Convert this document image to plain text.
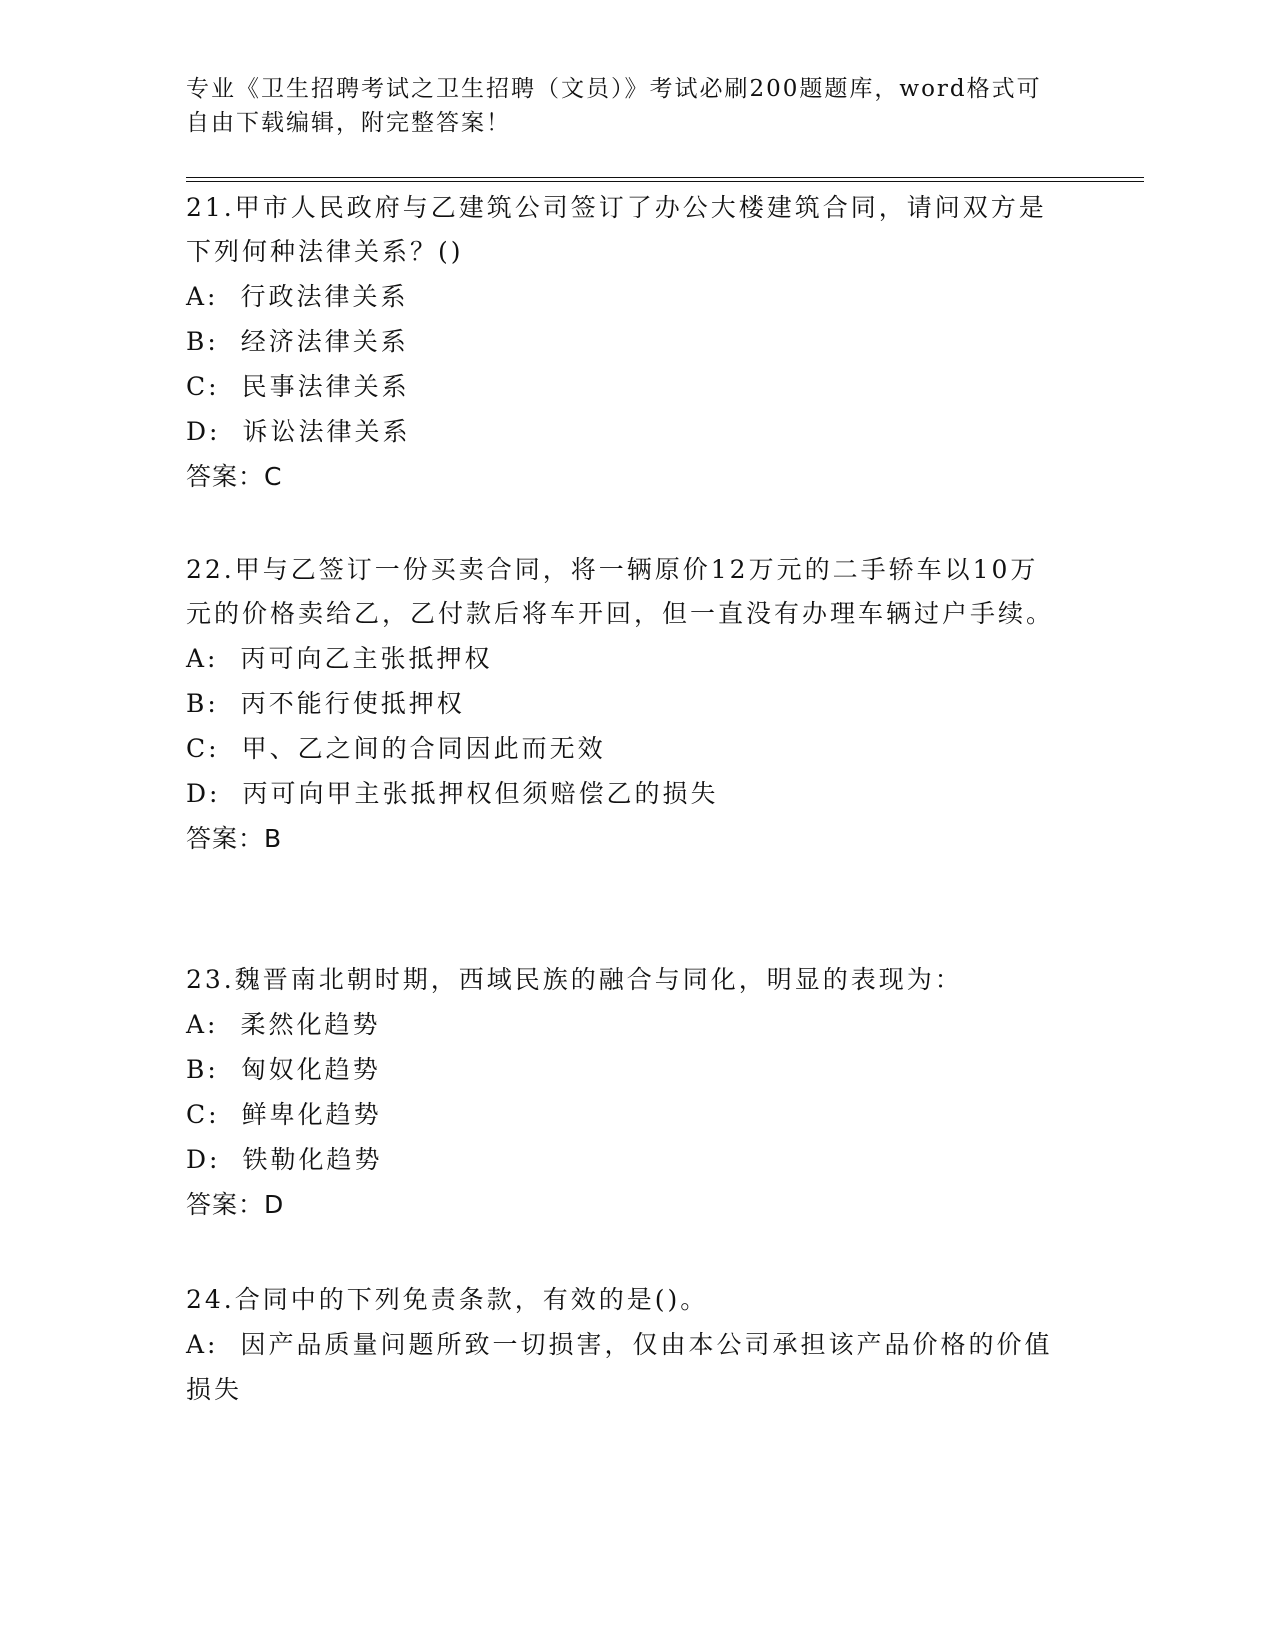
专业《卫生招聘考试之卫生招聘（文员）》考试必刷200题题库，word格式可自由下载编辑，附完整答案！

21.甲市人民政府与乙建筑公司签订了办公大楼建筑合同，请问双方是下列何种法律关系？()

A: 行政法律关系

B: 经济法律关系

C: 民事法律关系

D: 诉讼法律关系

答案：C

22.甲与乙签订一份买卖合同，将一辆原价12万元的二手轿车以10万元的价格卖给乙，乙付款后将车开回，但一直没有办理车辆过户手续。

A: 丙可向乙主张抵押权

B: 丙不能行使抵押权

C: 甲、乙之间的合同因此而无效

D: 丙可向甲主张抵押权但须赔偿乙的损失

答案：B

23.魏晋南北朝时期，西域民族的融合与同化，明显的表现为：

A: 柔然化趋势

B: 匈奴化趋势

C: 鲜卑化趋势

D: 铁勒化趋势

答案：D

24.合同中的下列免责条款，有效的是()。

A: 因产品质量问题所致一切损害，仅由本公司承担该产品价格的价值损失
